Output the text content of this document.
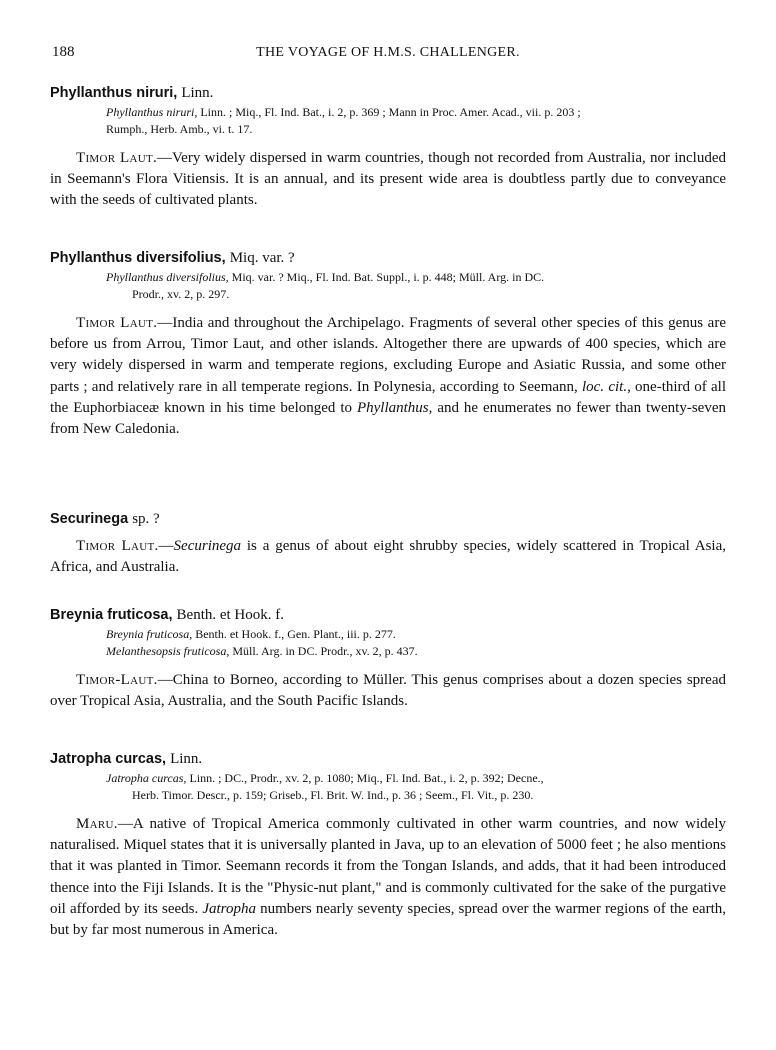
188	THE VOYAGE OF H.M.S. CHALLENGER.
Phyllanthus niruri, Linn.
Phyllanthus niruri, Linn. ; Miq., Fl. Ind. Bat., i. 2, p. 369 ; Mann in Proc. Amer. Acad., vii. p. 203 ;
Rumph., Herb. Amb., vi. t. 17.
Timor Laut.—Very widely dispersed in warm countries, though not recorded from Australia, nor included in Seemann's Flora Vitiensis. It is an annual, and its present wide area is doubtless partly due to conveyance with the seeds of cultivated plants.
Phyllanthus diversifolius, Miq. var. ?
Phyllanthus diversifolius, Miq. var. ? Miq., Fl. Ind. Bat. Suppl., i. p. 448; Müll. Arg. in DC.
Prodr., xv. 2, p. 297.
Timor Laut.—India and throughout the Archipelago. Fragments of several other species of this genus are before us from Arrou, Timor Laut, and other islands. Altogether there are upwards of 400 species, which are very widely dispersed in warm and temperate regions, excluding Europe and Asiatic Russia, and some other parts ; and relatively rare in all temperate regions. In Polynesia, according to Seemann, loc. cit., one-third of all the Euphorbiaceæ known in his time belonged to Phyllanthus, and he enumerates no fewer than twenty-seven from New Caledonia.
Securinega sp. ?
Timor Laut.—Securinega is a genus of about eight shrubby species, widely scattered in Tropical Asia, Africa, and Australia.
Breynia fruticosa, Benth. et Hook. f.
Breynia fruticosa, Benth. et Hook. f., Gen. Plant., iii. p. 277.
Melanthesopsis fruticosa, Müll. Arg. in DC. Prodr., xv. 2, p. 437.
Timor-Laut.—China to Borneo, according to Müller. This genus comprises about a dozen species spread over Tropical Asia, Australia, and the South Pacific Islands.
Jatropha curcas, Linn.
Jatropha curcas, Linn. ; DC., Prodr., xv. 2, p. 1080; Miq., Fl. Ind. Bat., i. 2, p. 392; Decne.,
Herb. Timor. Descr., p. 159; Griseb., Fl. Brit. W. Ind., p. 36 ; Seem., Fl. Vit., p. 230.
Maru.—A native of Tropical America commonly cultivated in other warm countries, and now widely naturalised. Miquel states that it is universally planted in Java, up to an elevation of 5000 feet ; he also mentions that it was planted in Timor. Seemann records it from the Tongan Islands, and adds, that it had been introduced thence into the Fiji Islands. It is the "Physic-nut plant," and is commonly cultivated for the sake of the purgative oil afforded by its seeds. Jatropha numbers nearly seventy species, spread over the warmer regions of the earth, but by far most numerous in America.
